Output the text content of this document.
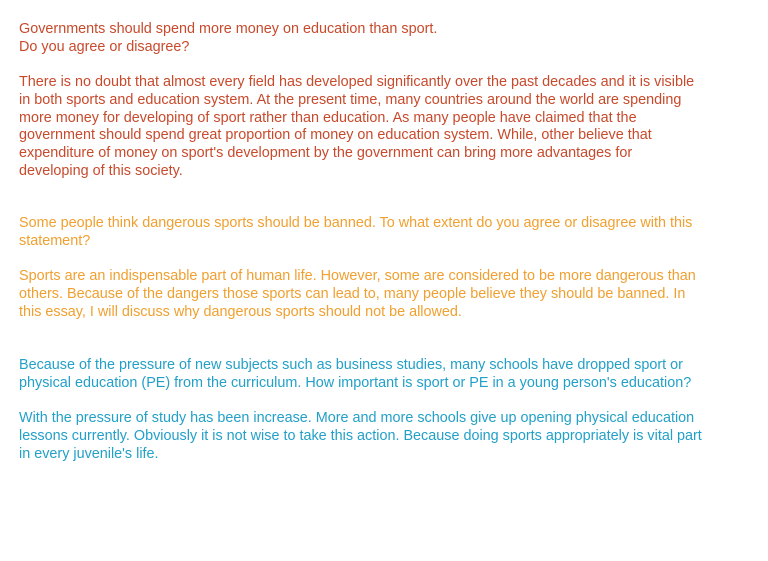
Governments should spend more money on education than sport.
Do you agree or disagree?

There is no doubt that almost every field has developed significantly over the past decades and it is visible
in both sports and education system. At the present time, many countries around the world are spending
more money for developing of sport rather than education. As many people have claimed that the
government should spend great proportion of money on education system. While, other believe that
expenditure of money on sport's development by the government can bring more advantages for
developing of this society.

Some people think dangerous sports should be banned. To what extent do you agree or disagree with this
statement?

Sports are an indispensable part of human life. However, some are considered to be more dangerous than
others. Because of the dangers those sports can lead to, many people believe they should be banned. In
this essay, I will discuss why dangerous sports should not be allowed.

Because of the pressure of new subjects such as business studies, many schools have dropped sport or
physical education (PE) from the curriculum. How important is sport or PE in a young person's education?

With the pressure of study has been increase. More and more schools give up opening physical education
lessons currently. Obviously it is not wise to take this action. Because doing sports appropriately is vital part
in every juvenile's life.
